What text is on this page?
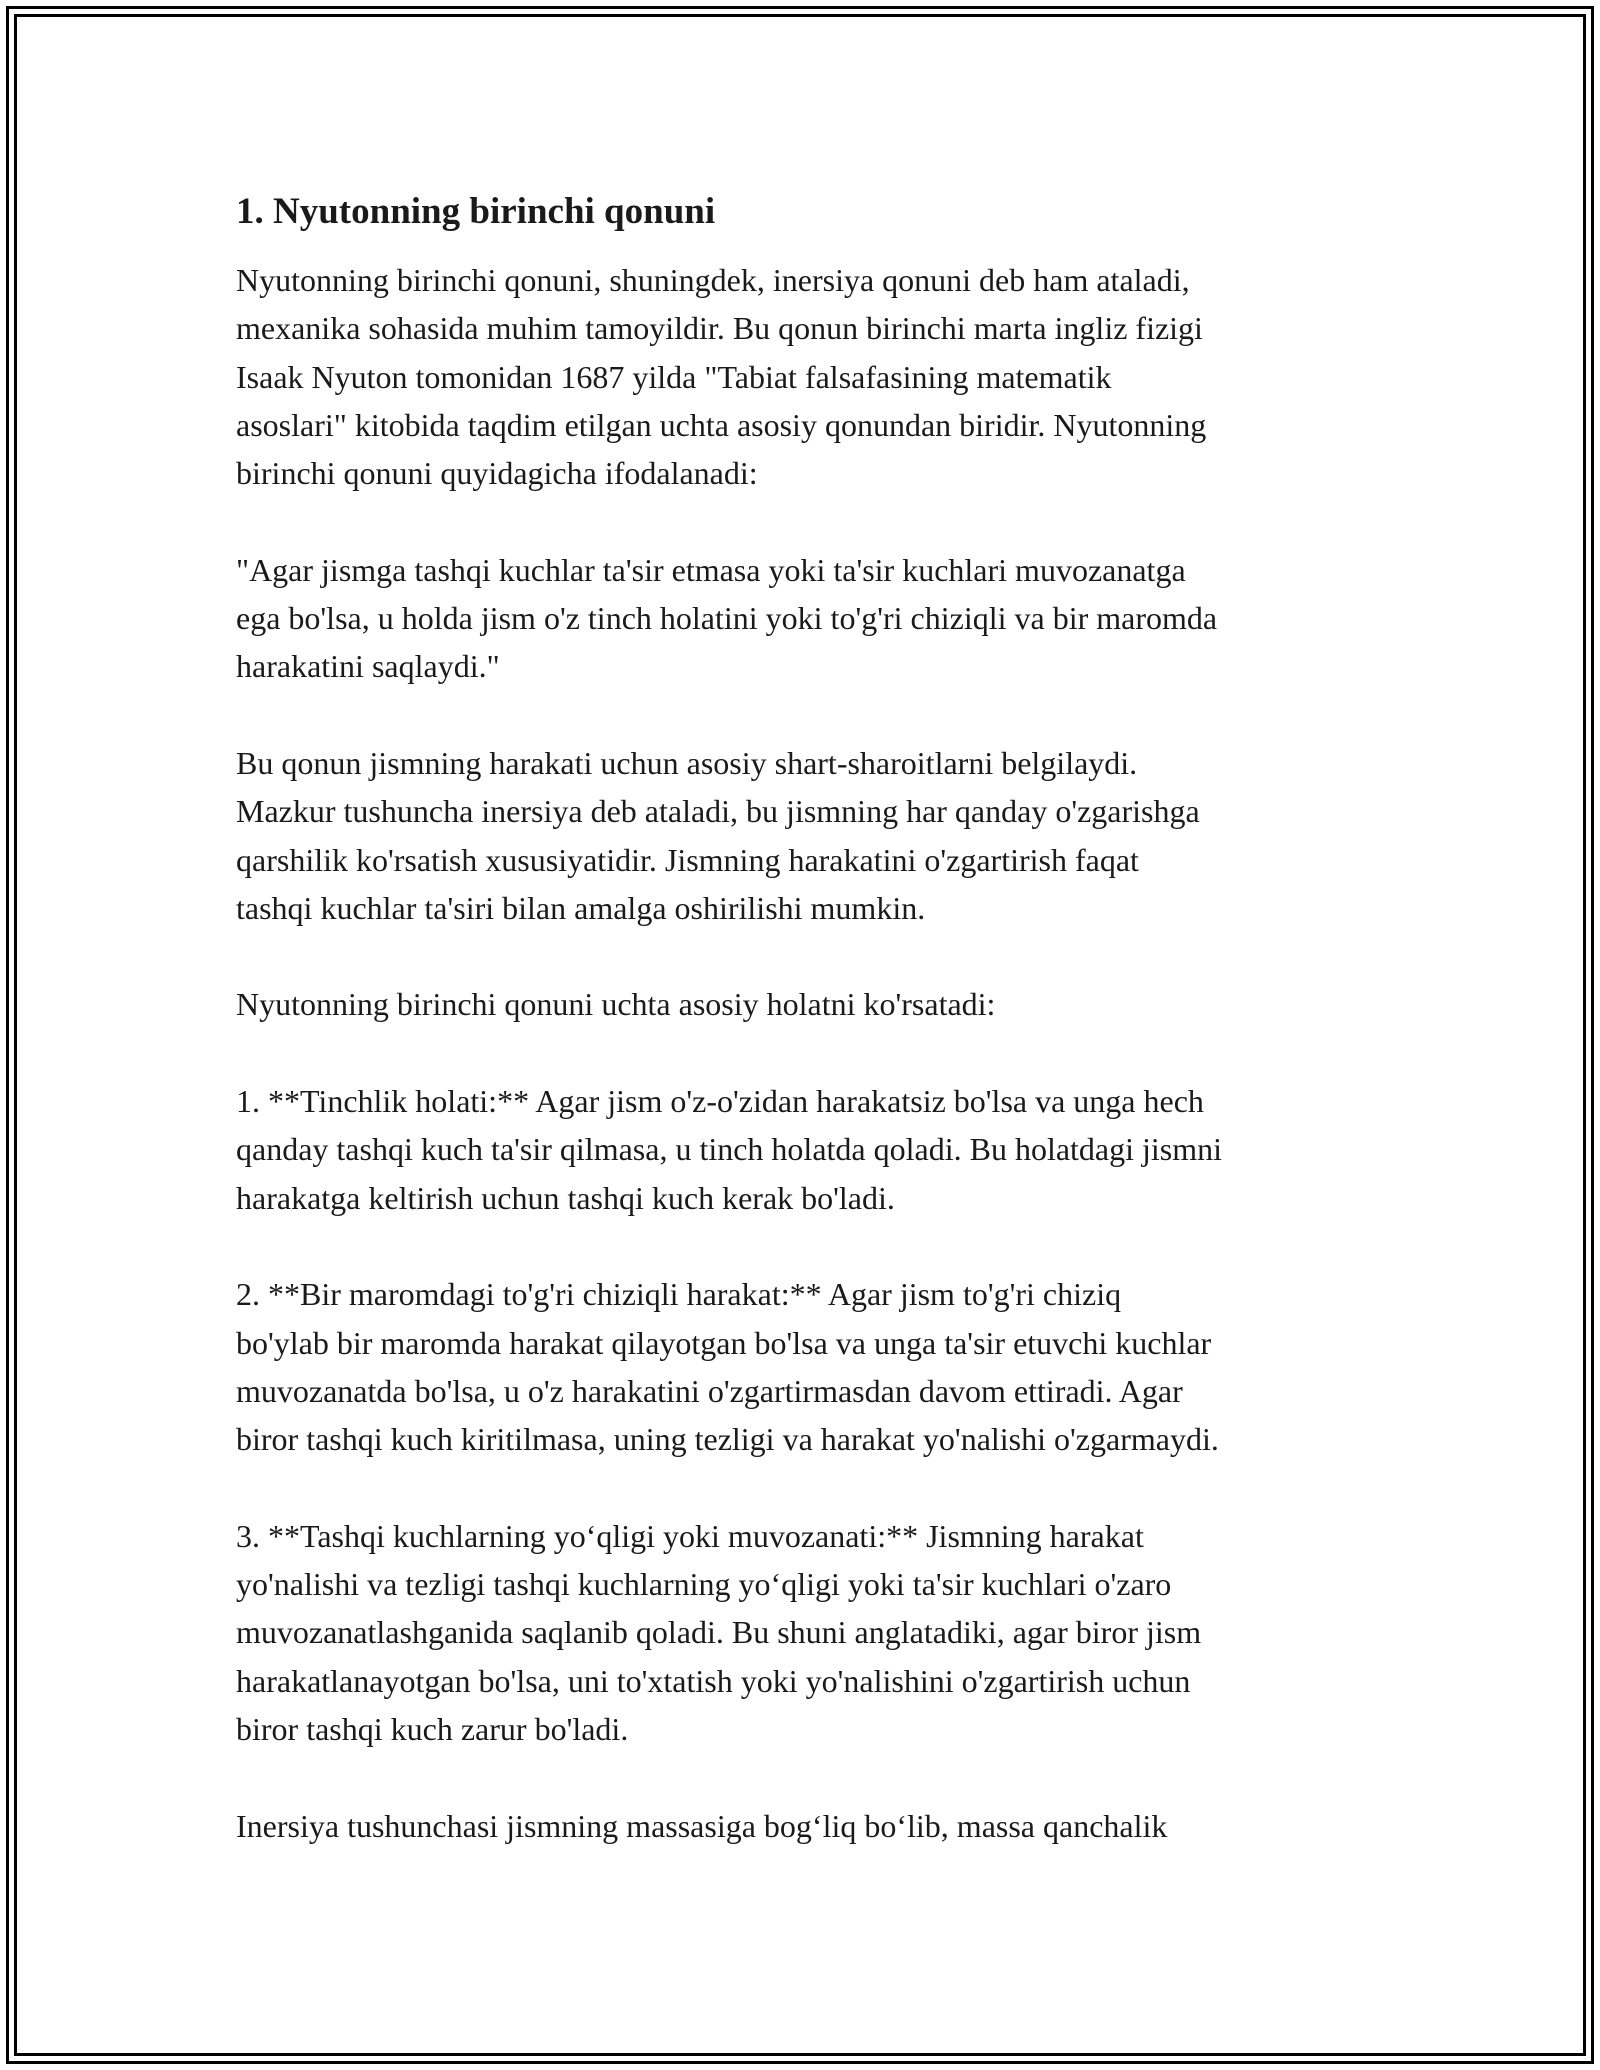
1. Nyutonning birinchi qonuni

Nyutonning birinchi qonuni, shuningdek, inersiya qonuni deb ham ataladi,
mexanika sohasida muhim tamoyildir. Bu qonun birinchi marta ingliz fizigi
Isaak Nyuton tomonidan 1687 yilda "Tabiat falsafasining matematik
asoslari" kitobida taqdim etilgan uchta asosiy qonundan biridir. Nyutonning
birinchi qonuni quyidagicha ifodalanadi:

"Agar jismga tashqi kuchlar ta'sir etmasa yoki ta'sir kuchlari muvozanatga
ega bo'lsa, u holda jism o'z tinch holatini yoki to'g'ri chiziqli va bir maromda
harakatini saqlaydi."

Bu qonun jismning harakati uchun asosiy shart-sharoitlarni belgilaydi.
Mazkur tushuncha inersiya deb ataladi, bu jismning har qanday o'zgarishga
qarshilik ko'rsatish xususiyatidir. Jismning harakatini o'zgartirish faqat
tashqi kuchlar ta'siri bilan amalga oshirilishi mumkin.

Nyutonning birinchi qonuni uchta asosiy holatni ko'rsatadi:

1. **Tinchlik holati:** Agar jism o'z-o'zidan harakatsiz bo'lsa va unga hech
qanday tashqi kuch ta'sir qilmasa, u tinch holatda qoladi. Bu holatdagi jismni
harakatga keltirish uchun tashqi kuch kerak bo'ladi.

2. **Bir maromdagi to'g'ri chiziqli harakat:** Agar jism to'g'ri chiziq
bo'ylab bir maromda harakat qilayotgan bo'lsa va unga ta'sir etuvchi kuchlar
muvozanatda bo'lsa, u o'z harakatini o'zgartirmasdan davom ettiradi. Agar
biror tashqi kuch kiritilmasa, uning tezligi va harakat yo'nalishi o'zgarmaydi.

3. **Tashqi kuchlarning yo‘qligi yoki muvozanati:** Jismning harakat
yo'nalishi va tezligi tashqi kuchlarning yo‘qligi yoki ta'sir kuchlari o'zaro
muvozanatlashganida saqlanib qoladi. Bu shuni anglatadiki, agar biror jism
harakatlanayotgan bo'lsa, uni to'xtatish yoki yo'nalishini o'zgartirish uchun
biror tashqi kuch zarur bo'ladi.

Inersiya tushunchasi jismning massasiga bog‘liq bo‘lib, massa qanchalik
